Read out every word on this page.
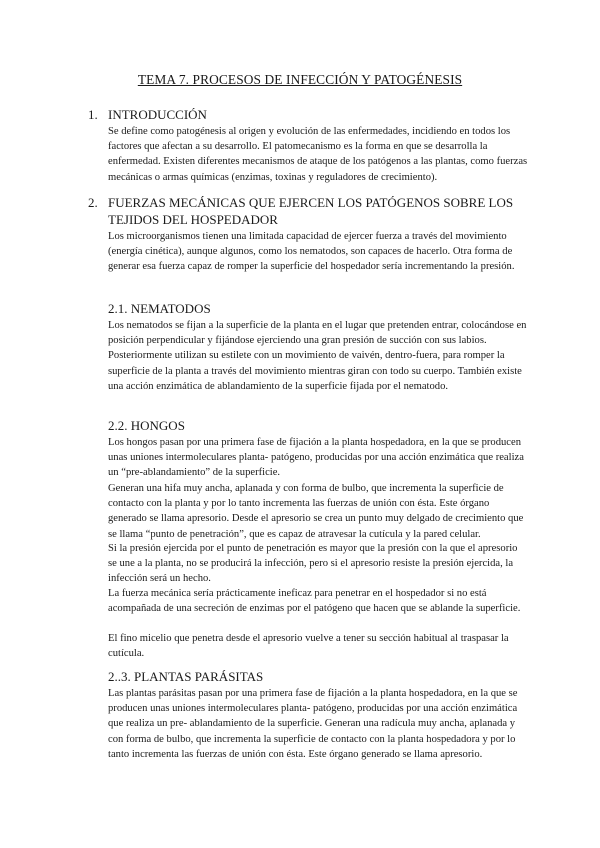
TEMA 7. PROCESOS DE INFECCIÓN Y PATOGÉNESIS
1. INTRODUCCIÓN
Se define como patogénesis al origen y evolución de las enfermedades, incidiendo en todos los factores que afectan a su desarrollo. El patomecanismo es la forma en que se desarrolla la enfermedad. Existen diferentes mecanismos de ataque de los patógenos a las plantas, como fuerzas mecánicas o armas químicas (enzimas, toxinas y reguladores de crecimiento).
2. FUERZAS MECÁNICAS QUE EJERCEN LOS PATÓGENOS SOBRE LOS TEJIDOS DEL HOSPEDADOR
Los microorganismos tienen una limitada capacidad de ejercer fuerza a través del movimiento (energía cinética), aunque algunos, como los nematodos, son capaces de hacerlo. Otra forma de generar esa fuerza capaz de romper la superficie del hospedador sería incrementando la presión.
2.1. NEMATODOS
Los nematodos se fijan a la superficie de la planta en el lugar que pretenden entrar, colocándose en posición perpendicular y fijándose ejerciendo una gran presión de succión con sus labios. Posteriormente utilizan su estilete con un movimiento de vaivén, dentro-fuera, para romper la superficie de la planta a través del movimiento mientras giran con todo su cuerpo. También existe una acción enzimática de ablandamiento de la superficie fijada por el nematodo.
2.2. HONGOS
Los hongos pasan por una primera fase de fijación a la planta hospedadora, en la que se producen unas uniones intermoleculares planta- patógeno, producidas por una acción enzimática que realiza un “pre-ablandamiento” de la superficie.
Generan una hifa muy ancha, aplanada y con forma de bulbo, que incrementa la superficie de contacto con la planta y por lo tanto incrementa las fuerzas de unión con ésta. Este órgano generado se llama apresorio. Desde el apresorio se crea un punto muy delgado de crecimiento que se llama “punto de penetración”, que es capaz de atravesar la cutícula y la pared celular.
Si la presión ejercida por el punto de penetración es mayor que la presión con la que el apresorio se une a la planta, no se producirá la infección, pero si el apresorio resiste la presión ejercida, la infección será un hecho.
La fuerza mecánica sería prácticamente ineficaz para penetrar en el hospedador si no está acompañada de una secreción de enzimas por el patógeno que hacen que se ablande la superficie.
El fino micelio que penetra desde el apresorio vuelve a tener su sección habitual al traspasar la cutícula.
2..3. PLANTAS PARÁSITAS
Las plantas parásitas pasan por una primera fase de fijación a la planta hospedadora, en la que se producen unas uniones intermoleculares planta- patógeno, producidas por una acción enzimática que realiza un pre- ablandamiento de la superficie. Generan una radícula muy ancha, aplanada y con forma de bulbo, que incrementa la superficie de contacto con la planta hospedadora y por lo tanto incrementa las fuerzas de unión con ésta. Este órgano generado se llama apresorio.
